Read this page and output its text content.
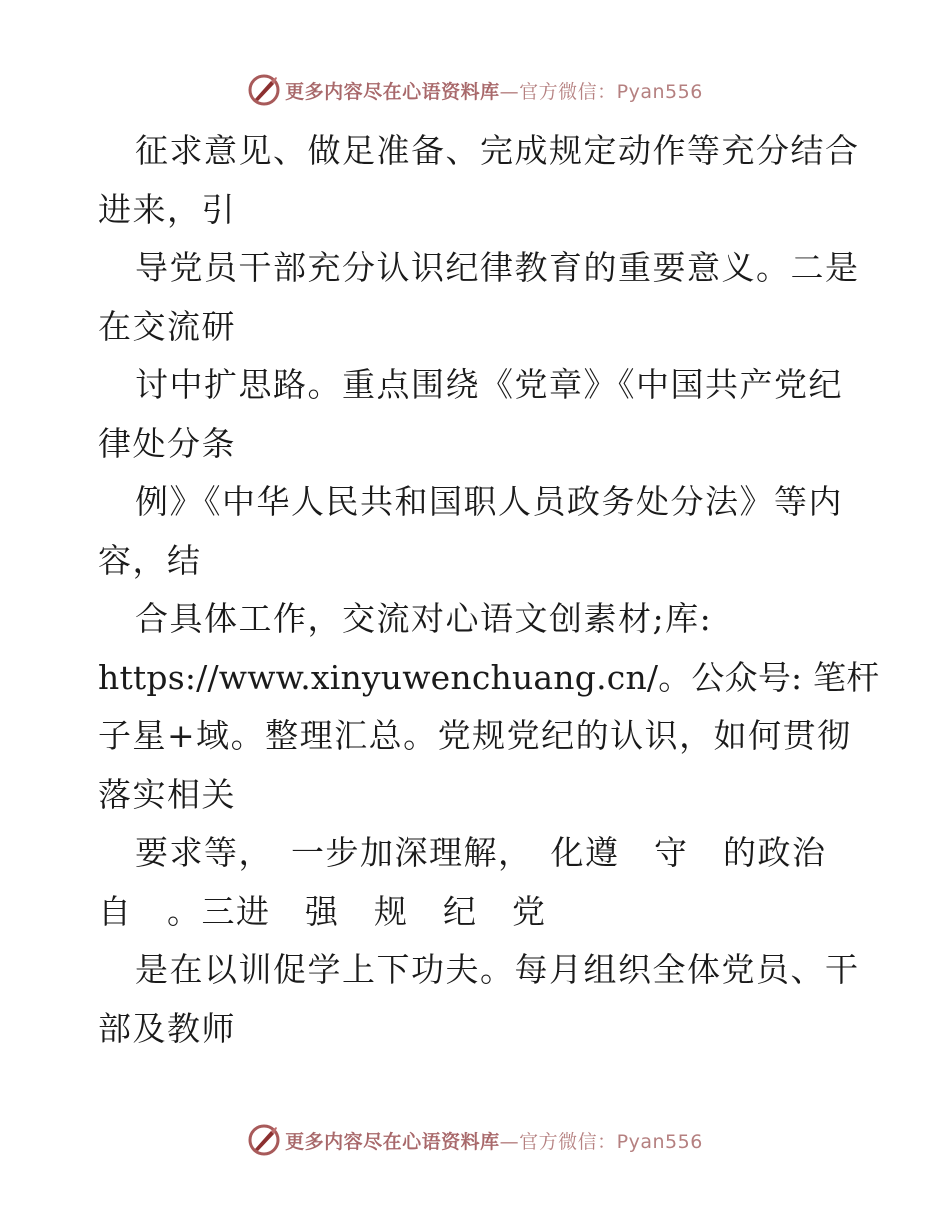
更多内容尽在心语资料库—官方微信：Pyan556
征求意见、做足准备、完成规定动作等充分结合
进来，引
导党员干部充分认识纪律教育的重要意义。二是
在交流研
讨中扩思路。重点围绕《党章》《中国共产党纪
律处分条
例》《中华人民共和国职人员政务处分法》等内
容，结
合具体工作，交流对心语文创素材;库:
https://www.xinyuwenchuang.cn/。公众号: 笔杆
子星+域。整理汇总。党规党纪的认识，如何贯彻
落实相关
要求等，　一步加深理解，　化遵　守　的政治
自　。三进　强　规　纪　党
是在以训促学上下功夫。每月组织全体党员、干
部及教师
更多内容尽在心语资料库—官方微信：Pyan556
